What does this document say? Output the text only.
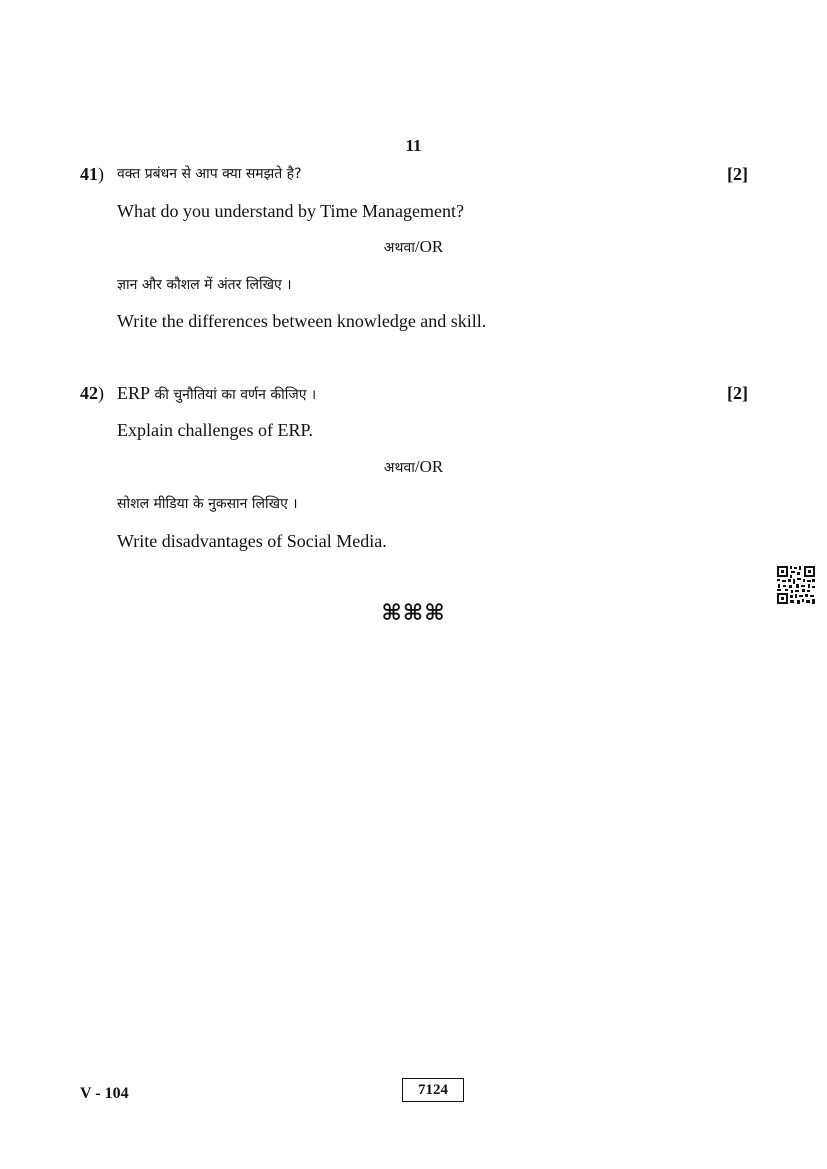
11
41) वक्त प्रबंधन से आप क्या समझते है?	[2]
What do you understand by Time Management?
अथवा/OR
ज्ञान और कौशल में अंतर लिखिए ।
Write the differences between knowledge and skill.
42) ERP की चुनौतियां का वर्णन कीजिए ।	[2]
Explain challenges of ERP.
अथवा/OR
सोशल मीडिया के नुकसान लिखिए ।
Write disadvantages of Social Media.
⌘⌘⌘
V - 104	7124
